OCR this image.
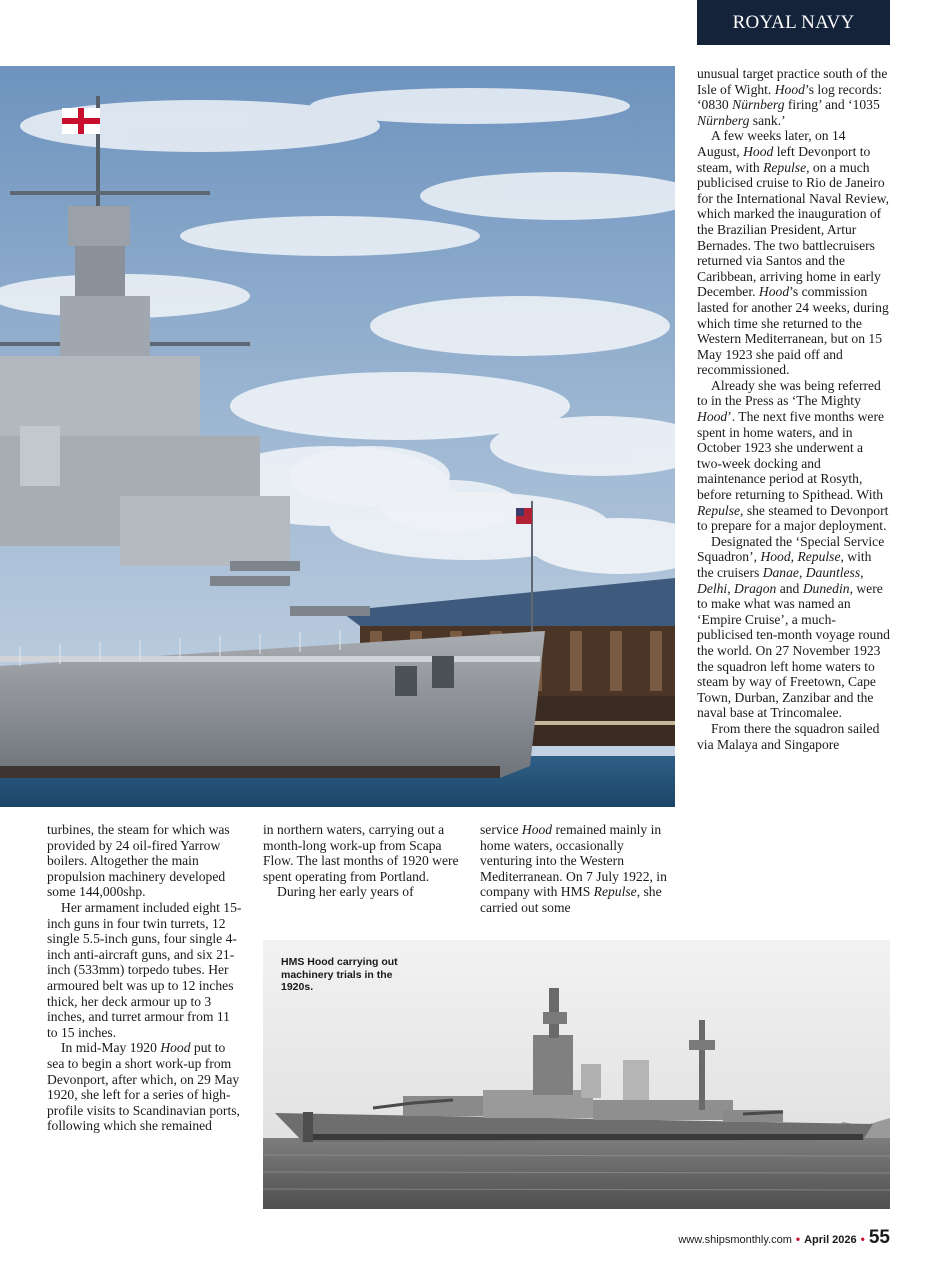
ROYAL NAVY

unusual target practice south of the Isle of Wight. Hood’s log records: ‘0830 Nürnberg firing’ and ‘1035 Nürnberg sank.’

A few weeks later, on 14 August, Hood left Devonport to steam, with Repulse, on a much publicised cruise to Rio de Janeiro for the International Naval Review, which marked the inauguration of the Brazilian President, Artur Bernades. The two battlecruisers returned via Santos and the Caribbean, arriving home in early December. Hood’s commission lasted for another 24 weeks, during which time she returned to the Western Mediterranean, but on 15 May 1923 she paid off and recommissioned.

Already she was being referred to in the Press as ‘The Mighty Hood’. The next five months were spent in home waters, and in October 1923 she underwent a two-week docking and maintenance period at Rosyth, before returning to Spithead. With Repulse, she steamed to Devonport to prepare for a major deployment.

Designated the ‘Special Service Squadron’, Hood, Repulse, with the cruisers Danae, Dauntless, Delhi, Dragon and Dunedin, were to make what was named an ‘Empire Cruise’, a much-publicised ten-month voyage round the world. On 27 November 1923 the squadron left home waters to steam by way of Freetown, Cape Town, Durban, Zanzibar and the naval base at Trincomalee.

From there the squadron sailed via Malaya and Singapore

turbines, the steam for which was provided by 24 oil-fired Yarrow boilers. Altogether the main propulsion machinery developed some 144,000shp.

Her armament included eight 15-inch guns in four twin turrets, 12 single 5.5-inch guns, four single 4-inch anti-aircraft guns, and six 21-inch (533mm) torpedo tubes. Her armoured belt was up to 12 inches thick, her deck armour up to 3 inches, and turret armour from 11 to 15 inches.

In mid-May 1920 Hood put to sea to begin a short work-up from Devonport, after which, on 29 May 1920, she left for a series of high-profile visits to Scandinavian ports, following which she remained

in northern waters, carrying out a month-long work-up from Scapa Flow. The last months of 1920 were spent operating from Portland.

During her early years of

service Hood remained mainly in home waters, occasionally venturing into the Western Mediterranean. On 7 July 1922, in company with HMS Repulse, she carried out some

HMS Hood carrying out machinery trials in the 1920s.
www.shipsmonthly.com • April 2026 • 55
